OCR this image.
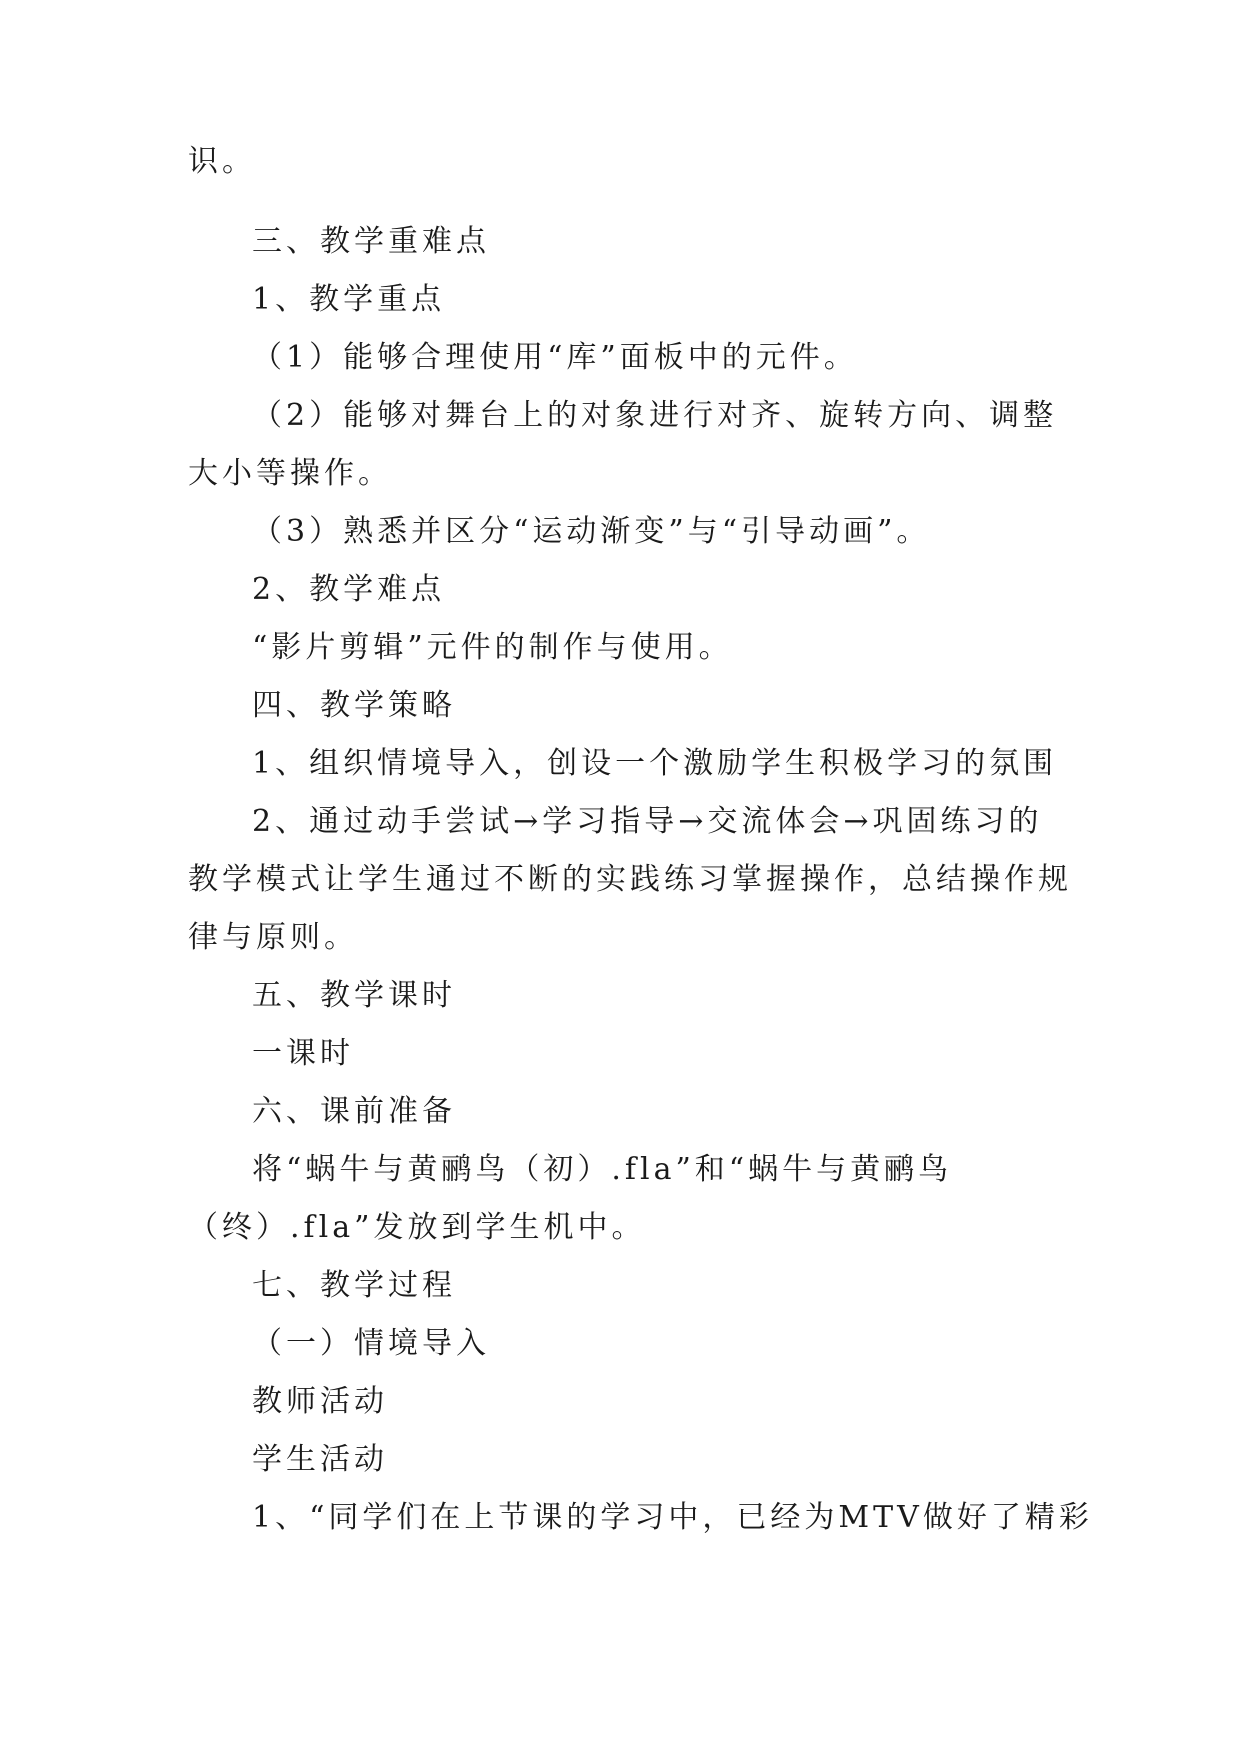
识。
三、教学重难点
1、教学重点
（1）能够合理使用“库”面板中的元件。
（2）能够对舞台上的对象进行对齐、旋转方向、调整
大小等操作。
（3）熟悉并区分“运动渐变”与“引导动画”。
2、教学难点
“影片剪辑”元件的制作与使用。
四、教学策略
1、组织情境导入，创设一个激励学生积极学习的氛围
2、通过动手尝试→学习指导→交流体会→巩固练习的
教学模式让学生通过不断的实践练习掌握操作，总结操作规
律与原则。
五、教学课时
一课时
六、课前准备
将“蜗牛与黄鹂鸟（初）.fla”和“蜗牛与黄鹂鸟
（终）.fla”发放到学生机中。
七、教学过程
（一）情境导入
教师活动
学生活动
1、“同学们在上节课的学习中，已经为MTV做好了精彩
